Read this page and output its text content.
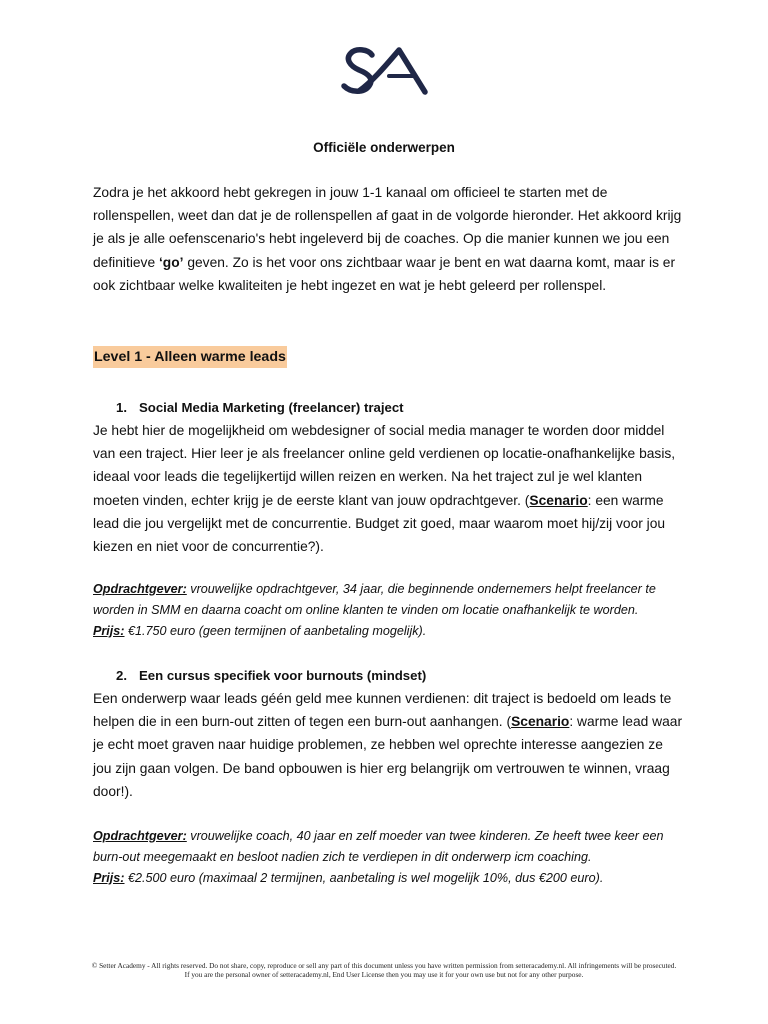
Officiële onderwerpen
Zodra je het akkoord hebt gekregen in jouw 1-1 kanaal om officieel te starten met de rollenspellen, weet dan dat je de rollenspellen af gaat in de volgorde hieronder. Het akkoord krijg je als je alle oefenscenario's hebt ingeleverd bij de coaches. Op die manier kunnen we jou een definitieve ‘go’ geven. Zo is het voor ons zichtbaar waar je bent en wat daarna komt, maar is er ook zichtbaar welke kwaliteiten je hebt ingezet en wat je hebt geleerd per rollenspel.
Level 1 - Alleen warme leads
1. Social Media Marketing (freelancer) traject
Je hebt hier de mogelijkheid om webdesigner of social media manager te worden door middel van een traject. Hier leer je als freelancer online geld verdienen op locatie-onafhankelijke basis, ideaal voor leads die tegelijkertijd willen reizen en werken. Na het traject zul je wel klanten moeten vinden, echter krijg je de eerste klant van jouw opdrachtgever. (Scenario: een warme lead die jou vergelijkt met de concurrentie. Budget zit goed, maar waarom moet hij/zij voor jou kiezen en niet voor de concurrentie?).
Opdrachtgever: vrouwelijke opdrachtgever, 34 jaar, die beginnende ondernemers helpt freelancer te worden in SMM en daarna coacht om online klanten te vinden om locatie onafhankelijk te worden.
Prijs: €1.750 euro (geen termijnen of aanbetaling mogelijk).
2. Een cursus specifiek voor burnouts (mindset)
Een onderwerp waar leads géén geld mee kunnen verdienen: dit traject is bedoeld om leads te helpen die in een burn-out zitten of tegen een burn-out aanhangen. (Scenario: warme lead waar je echt moet graven naar huidige problemen, ze hebben wel oprechte interesse aangezien ze jou zijn gaan volgen. De band opbouwen is hier erg belangrijk om vertrouwen te winnen, vraag door!).
Opdrachtgever: vrouwelijke coach, 40 jaar en zelf moeder van twee kinderen. Ze heeft twee keer een burn-out meegemaakt en besloot nadien zich te verdiepen in dit onderwerp icm coaching.
Prijs: €2.500 euro (maximaal 2 termijnen, aanbetaling is wel mogelijk 10%, dus €200 euro).
© Setter Academy - All rights reserved. Do not share, copy, reproduce or sell any part of this document unless you have written permission from setteracademy.nl. All infringements will be prosecuted. If you are the personal owner of setteracademy.nl, End User License then you may use it for your own use but not for any other purpose.
